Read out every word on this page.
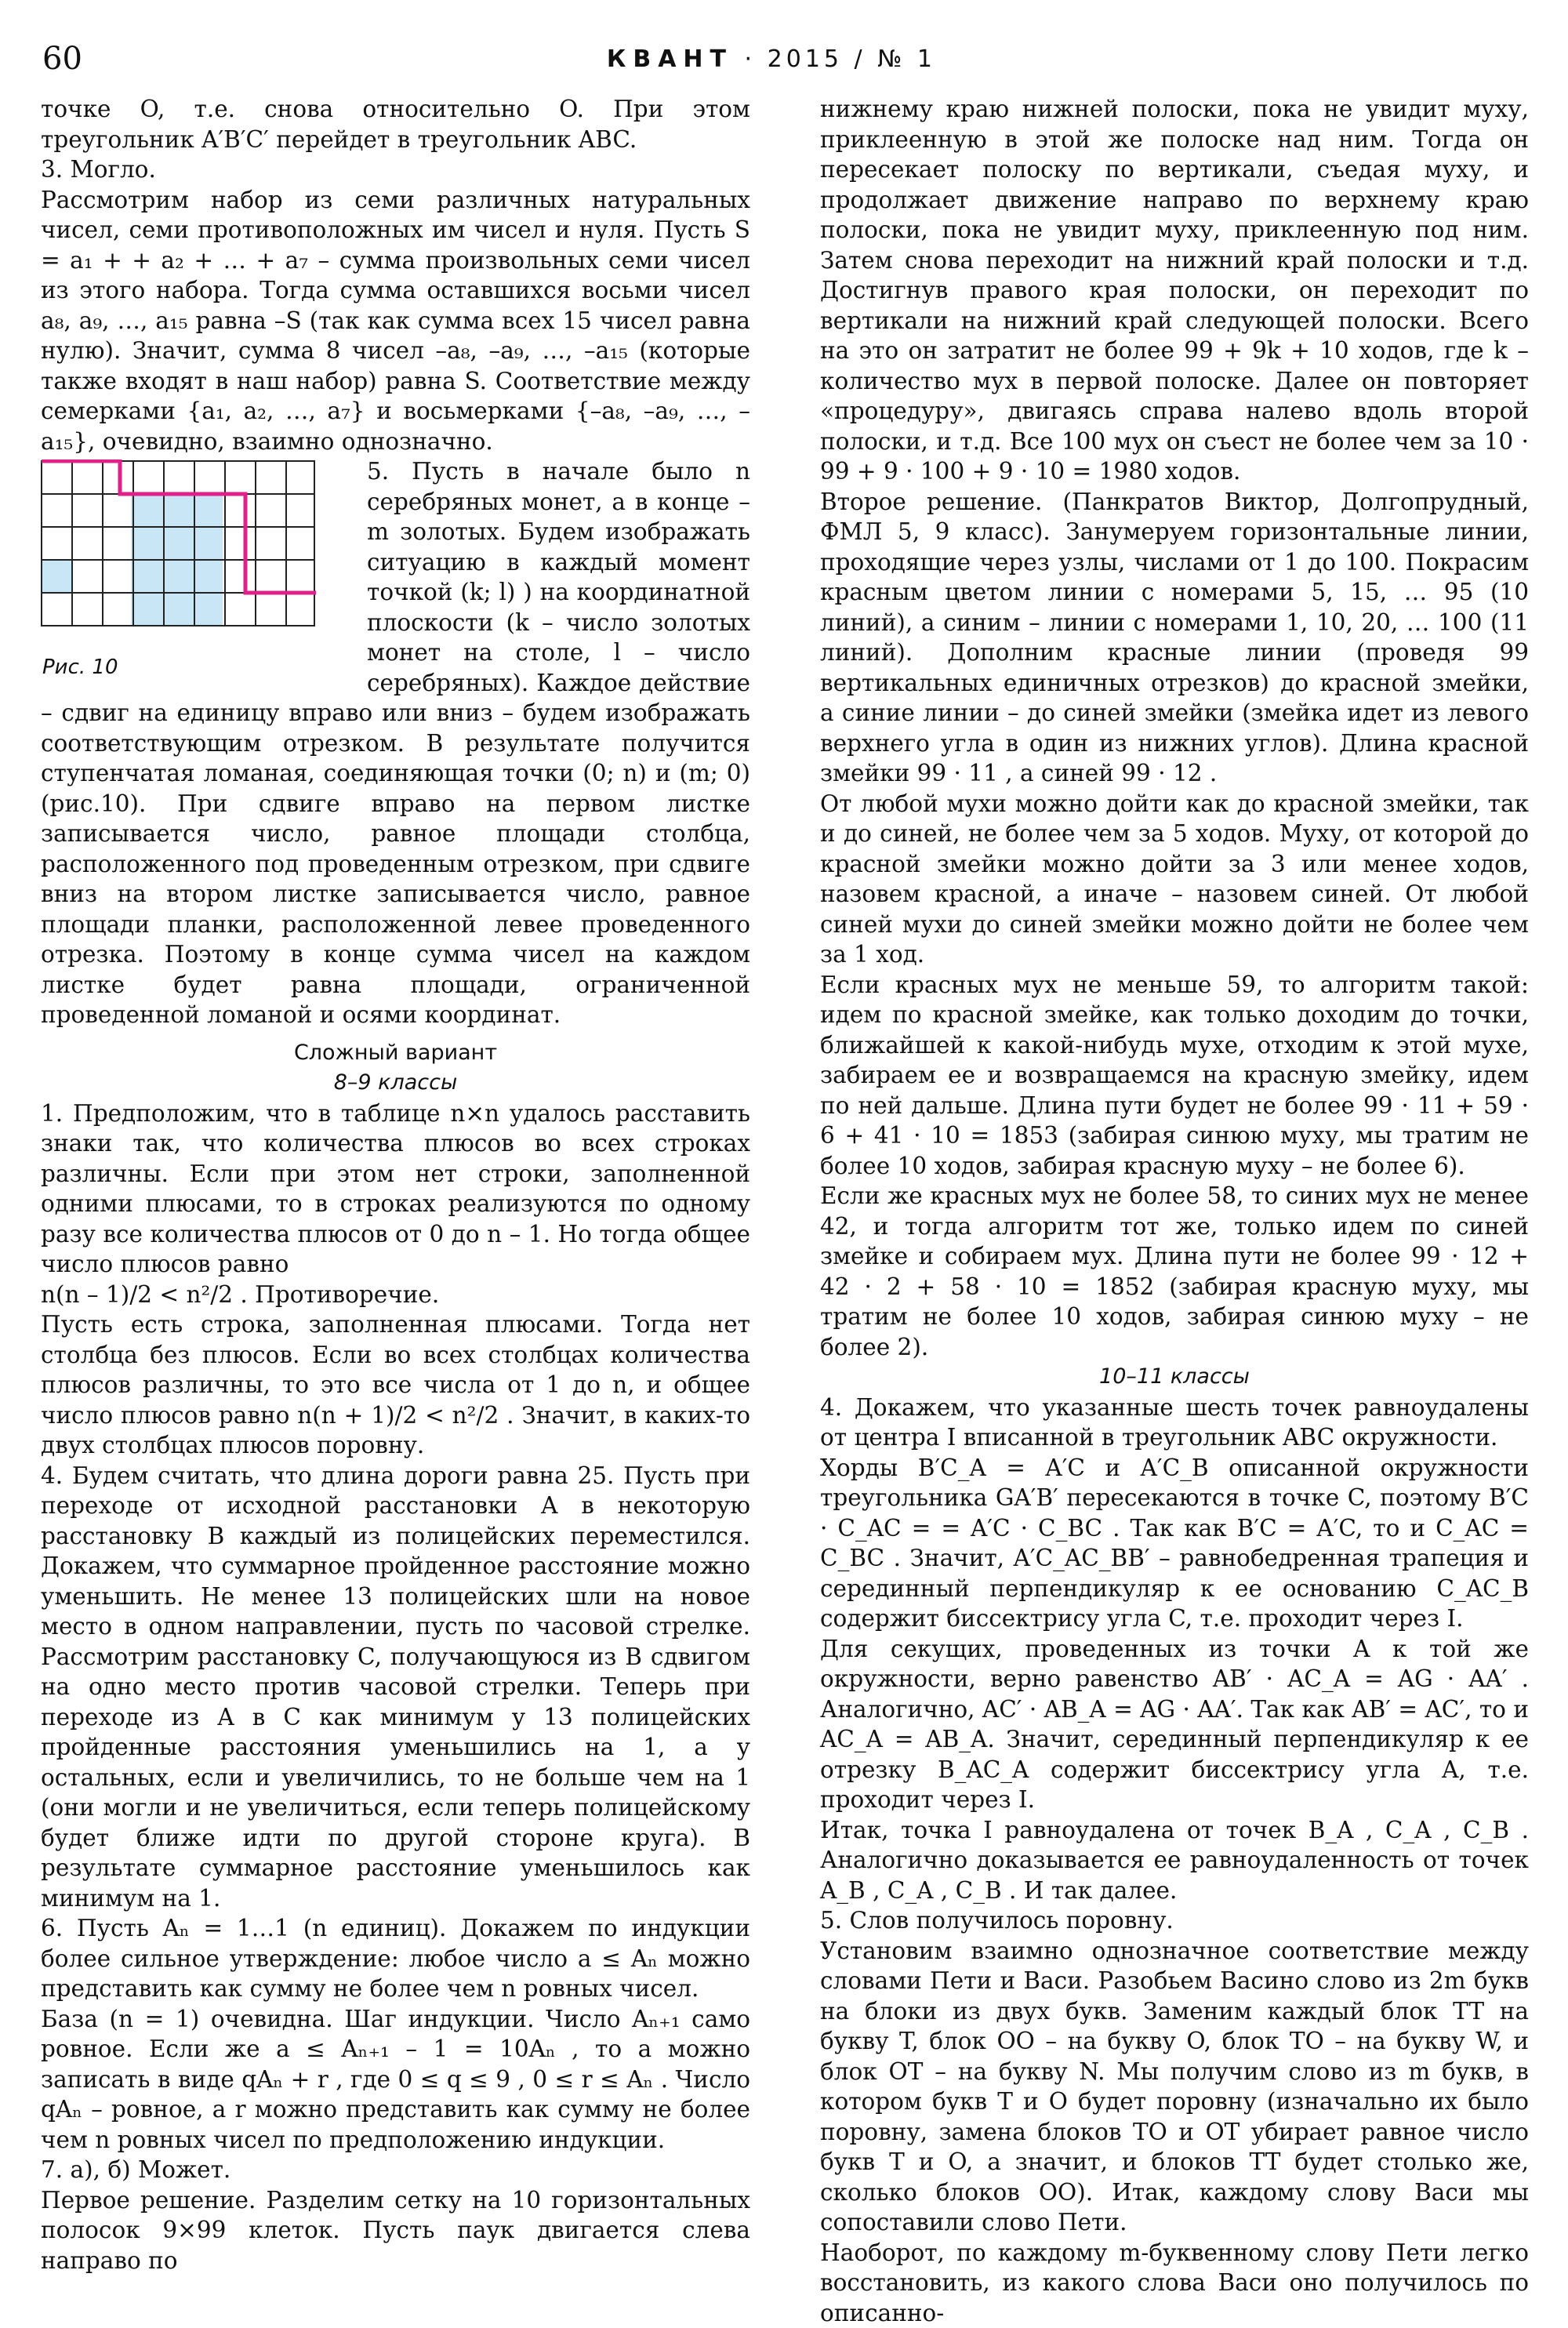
60	КВАНТ · 2015 / № 1

точке O, т.е. снова относительно O. При этом треугольник A′B′C′ перейдет в треугольник ABC.

3. Могло.

Рассмотрим набор из семи различных натуральных чисел, семи противоположных им чисел и нуля. Пусть S = a₁ + + a₂ + … + a₇ – сумма произвольных семи чисел из этого набора. Тогда сумма оставшихся восьми чисел a₈, a₉, …, a₁₅ равна –S (так как сумма всех 15 чисел равна нулю). Значит, сумма 8 чисел –a₈, –a₉, …, –a₁₅ (которые также входят в наш набор) равна S. Соответствие между семерками {a₁, a₂, …, a₇} и восьмерками {–a₈, –a₉, …, –a₁₅}, очевидно, взаимно однозначно.

Рис. 10

5. Пусть в начале было n серебряных монет, а в конце – m золотых. Будем изображать ситуацию в каждый момент точкой (k; l) ) на координатной плоскости (k – число золотых монет на столе, l – число серебряных). Каждое действие – сдвиг на единицу вправо или вниз – будем изображать соответствующим отрезком. В результате получится ступенчатая ломаная, соединяющая точки (0; n) и (m; 0) (рис.10). При сдвиге вправо на первом листке записывается число, равное площади столбца, расположенного под проведенным отрезком, при сдвиге вниз на втором листке записывается число, равное площади планки, расположенной левее проведенного отрезка. Поэтому в конце сумма чисел на каждом листке будет равна площади, ограниченной проведенной ломаной и осями координат.

Сложный вариант

8–9 классы

1. Предположим, что в таблице n×n удалось расставить знаки так, что количества плюсов во всех строках различны. Если при этом нет строки, заполненной одними плюсами, то в строках реализуются по одному разу все количества плюсов от 0 до n – 1. Но тогда общее число плюсов равно

n(n – 1)/2 < n²/2 . Противоречие.

Пусть есть строка, заполненная плюсами. Тогда нет столбца без плюсов. Если во всех столбцах количества плюсов различны, то это все числа от 1 до n, и общее число плюсов равно n(n + 1)/2 < n²/2 . Значит, в каких-то двух столбцах плюсов поровну.

4. Будем считать, что длина дороги равна 25. Пусть при переходе от исходной расстановки A в некоторую расстановку B каждый из полицейских переместился. Докажем, что суммарное пройденное расстояние можно уменьшить. Не менее 13 полицейских шли на новое место в одном направлении, пусть по часовой стрелке. Рассмотрим расстановку C, получающуюся из B сдвигом на одно место против часовой стрелки. Теперь при переходе из A в C как минимум у 13 полицейских пройденные расстояния уменьшились на 1, а у остальных, если и увеличились, то не больше чем на 1 (они могли и не увеличиться, если теперь полицейскому будет ближе идти по другой стороне круга). В результате суммарное расстояние уменьшилось как минимум на 1.

6. Пусть Aₙ = 1…1 (n единиц). Докажем по индукции более сильное утверждение: любое число a ≤ Aₙ можно представить как сумму не более чем n ровных чисел.

База (n = 1) очевидна. Шаг индукции. Число Aₙ₊₁ само ровное. Если же a ≤ Aₙ₊₁ – 1 = 10Aₙ , то a можно записать в виде qAₙ + r , где 0 ≤ q ≤ 9 , 0 ≤ r ≤ Aₙ . Число qAₙ – ровное, а r можно представить как сумму не более чем n ровных чисел по предположению индукции.

7. а), б) Может.

Первое решение. Разделим сетку на 10 горизонтальных полосок 9×99 клеток. Пусть паук двигается слева направо по

нижнему краю нижней полоски, пока не увидит муху, приклеенную в этой же полоске над ним. Тогда он пересекает полоску по вертикали, съедая муху, и продолжает движение направо по верхнему краю полоски, пока не увидит муху, приклеенную под ним. Затем снова переходит на нижний край полоски и т.д. Достигнув правого края полоски, он переходит по вертикали на нижний край следующей полоски. Всего на это он затратит не более 99 + 9k + 10 ходов, где k – количество мух в первой полоске. Далее он повторяет «процедуру», двигаясь справа налево вдоль второй полоски, и т.д. Все 100 мух он съест не более чем за 10 · 99 + 9 · 100 + 9 · 10 = 1980 ходов.

Второе решение. (Панкратов Виктор, Долгопрудный, ФМЛ 5, 9 класс). Занумеруем горизонтальные линии, проходящие через узлы, числами от 1 до 100. Покрасим красным цветом линии с номерами 5, 15, … 95 (10 линий), а синим – линии с номерами 1, 10, 20, … 100 (11 линий). Дополним красные линии (проведя 99 вертикальных единичных отрезков) до красной змейки, а синие линии – до синей змейки (змейка идет из левого верхнего угла в один из нижних углов). Длина красной змейки 99 · 11 , а синей 99 · 12 .

От любой мухи можно дойти как до красной змейки, так и до синей, не более чем за 5 ходов. Муху, от которой до красной змейки можно дойти за 3 или менее ходов, назовем красной, а иначе – назовем синей. От любой синей мухи до синей змейки можно дойти не более чем за 1 ход.

Если красных мух не меньше 59, то алгоритм такой: идем по красной змейке, как только доходим до точки, ближайшей к какой-нибудь мухе, отходим к этой мухе, забираем ее и возвращаемся на красную змейку, идем по ней дальше. Длина пути будет не более 99 · 11 + 59 · 6 + 41 · 10 = 1853 (забирая синюю муху, мы тратим не более 10 ходов, забирая красную муху – не более 6).

Если же красных мух не более 58, то синих мух не менее 42, и тогда алгоритм тот же, только идем по синей змейке и собираем мух. Длина пути не более 99 · 12 + 42 · 2 + 58 · 10 = 1852 (забирая красную муху, мы тратим не более 10 ходов, забирая синюю муху – не более 2).

10–11 классы

4. Докажем, что указанные шесть точек равноудалены от центра I вписанной в треугольник ABC окружности.

Хорды B′C_A = A′C и A′C_B описанной окружности треугольника GA′B′ пересекаются в точке C, поэтому B′C · C_AC = = A′C · C_BC . Так как B′C = A′C, то и C_AC = C_BC . Значит, A′C_AC_BB′ – равнобедренная трапеция и серединный перпендикуляр к ее основанию C_AC_B содержит биссектрису угла C, т.е. проходит через I.

Для секущих, проведенных из точки A к той же окружности, верно равенство AB′ · AC_A = AG · AA′ . Аналогично, AC′ · AB_A = AG · AA′. Так как AB′ = AC′, то и AC_A = AB_A. Значит, серединный перпендикуляр к ее отрезку B_AC_A содержит биссектрису угла A, т.е. проходит через I.

Итак, точка I равноудалена от точек B_A , C_A , C_B . Аналогично доказывается ее равноудаленность от точек A_B , C_A , C_B . И так далее.

5. Слов получилось поровну.

Установим взаимно однозначное соответствие между словами Пети и Васи. Разобьем Васино слово из 2m букв на блоки из двух букв. Заменим каждый блок TT на букву T, блок OO – на букву O, блок TO – на букву W, и блок OT – на букву N. Мы получим слово из m букв, в котором букв T и O будет поровну (изначально их было поровну, замена блоков TO и OT убирает равное число букв T и O, а значит, и блоков TT будет столько же, сколько блоков OO). Итак, каждому слову Васи мы сопоставили слово Пети.

Наоборот, по каждому m-буквенному слову Пети легко восстановить, из какого слова Васи оно получилось по описанно-
